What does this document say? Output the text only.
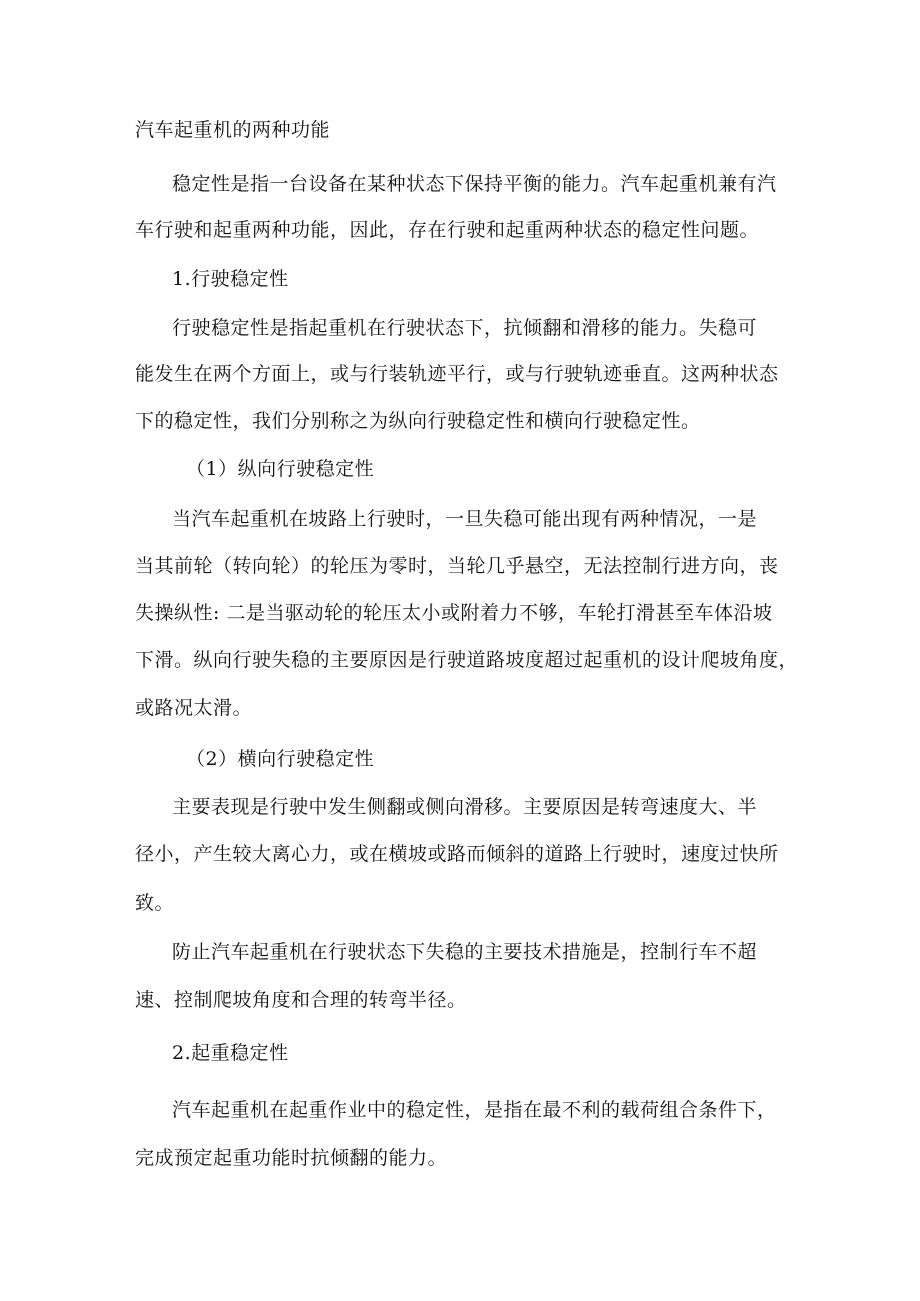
汽车起重机的两种功能

稳定性是指一台设备在某种状态下保持平衡的能力。汽车起重机兼有汽

车行驶和起重两种功能，因此，存在行驶和起重两种状态的稳定性问题。

1.行驶稳定性

行驶稳定性是指起重机在行驶状态下，抗倾翻和滑移的能力。失稳可

能发生在两个方面上，或与行装轨迹平行，或与行驶轨迹垂直。这两种状态

下的稳定性，我们分别称之为纵向行驶稳定性和横向行驶稳定性。

（1）纵向行驶稳定性

当汽车起重机在坡路上行驶时，一旦失稳可能出现有两种情况，一是

当其前轮（转向轮）的轮压为零时，当轮几乎悬空，无法控制行进方向，丧

失操纵性: 二是当驱动轮的轮压太小或附着力不够，车轮打滑甚至车体沿坡

下滑。纵向行驶失稳的主要原因是行驶道路坡度超过起重机的设计爬坡角度，

或路况太滑。

（2）横向行驶稳定性

主要表现是行驶中发生侧翻或侧向滑移。主要原因是转弯速度大、半

径小，产生较大离心力，或在横坡或路而倾斜的道路上行驶时，速度过快所

致。

防止汽车起重机在行驶状态下失稳的主要技术措施是，控制行车不超

速、控制爬坡角度和合理的转弯半径。

2.起重稳定性

汽车起重机在起重作业中的稳定性，是指在最不利的载荷组合条件下，

完成预定起重功能时抗倾翻的能力。
